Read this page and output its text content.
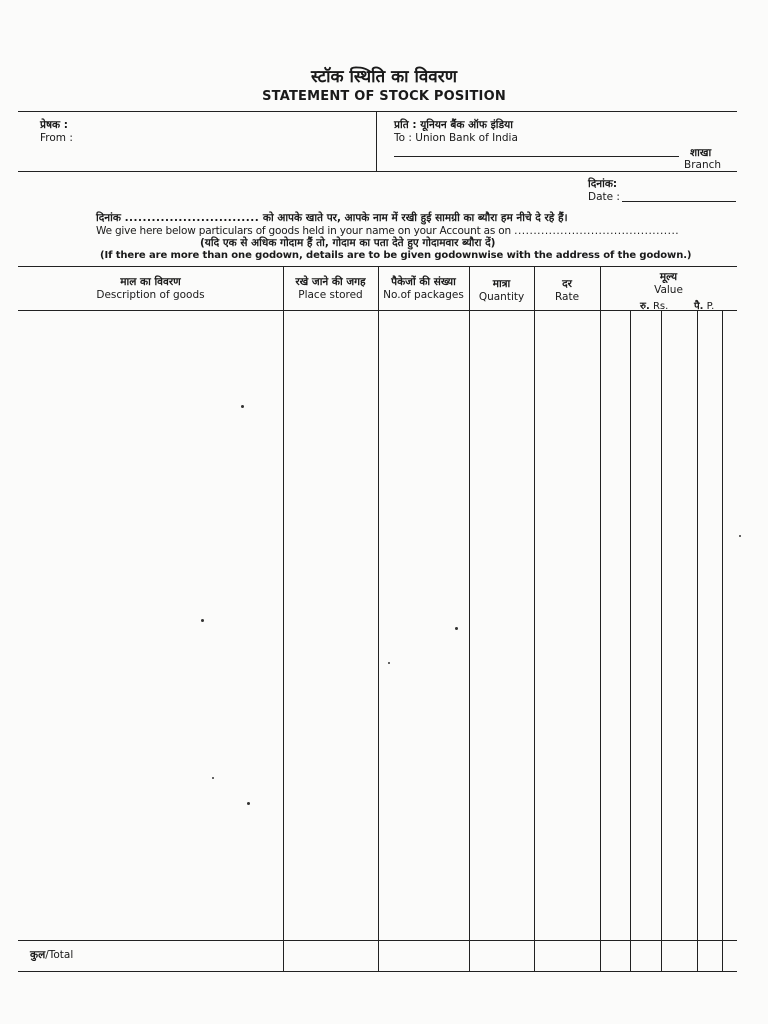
स्टॉक स्थिति का विवरण
STATEMENT OF STOCK POSITION
प्रेषक :
From :
प्रति : यूनियन बैंक ऑफ इंडिया
To : Union Bank of India
शाखा
Branch
दिनांक:
Date :
दिनांक .............................. को आपके खाते पर, आपके नाम में रखी हुई सामग्री का ब्यौरा हम नीचे दे रहे हैं।
We give here below particulars of goods held in your name on your Account as on ...........................................
(यदि एक से अधिक गोदाम हैं तो, गोदाम का पता देते हुए गोदामवार ब्यौरा दें)
(If there are more than one godown, details are to be given godownwise with the address of the godown.)
माल का विवरण
Description of goods
रखे जाने की जगह
Place stored
पैकेजों की संख्या
No.of packages
मात्रा
Quantity
दर
Rate
मूल्य
Value
रु. Rs.	पै. P.
कुल/Total
